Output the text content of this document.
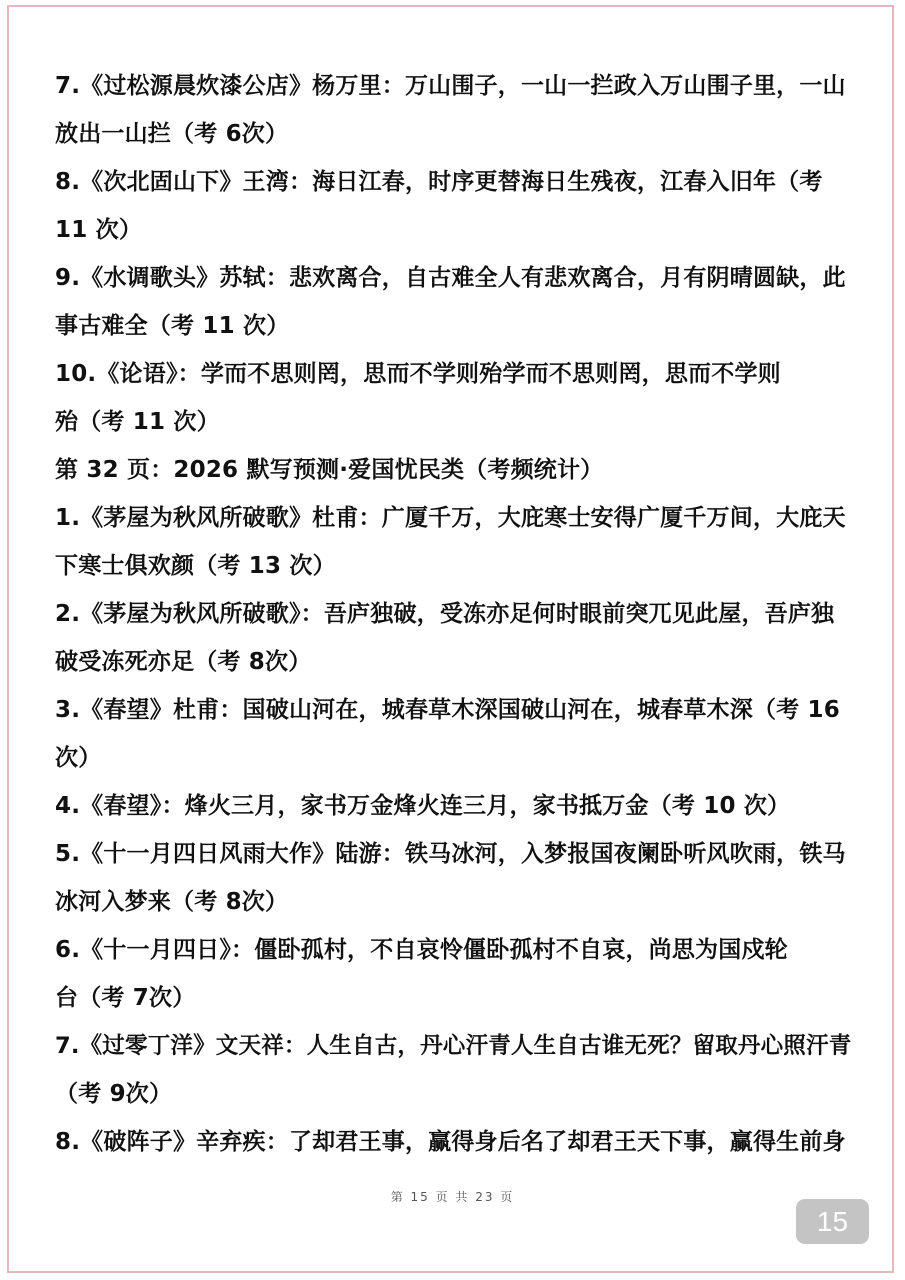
7.《过松源晨炊漆公店》杨万里：万山围子，一山一拦政入万山围子里，一山
放出一山拦（考 6次）
8.《次北固山下》王湾：海日江春，时序更替海日生残夜，江春入旧年（考
11 次）
9.《水调歌头》苏轼：悲欢离合，自古难全人有悲欢离合，月有阴晴圆缺，此
事古难全（考 11 次）
10.《论语》：学而不思则罔，思而不学则殆学而不思则罔，思而不学则
殆（考 11 次）
第 32 页：2026 默写预测·爱国忧民类（考频统计）
1.《茅屋为秋风所破歌》杜甫：广厦千万，大庇寒士安得广厦千万间，大庇天
下寒士俱欢颜（考 13 次）
2.《茅屋为秋风所破歌》：吾庐独破，受冻亦足何时眼前突兀见此屋，吾庐独
破受冻死亦足（考 8次）
3.《春望》杜甫：国破山河在，城春草木深国破山河在，城春草木深（考 16
次）
4.《春望》：烽火三月，家书万金烽火连三月，家书抵万金（考 10 次）
5.《十一月四日风雨大作》陆游：铁马冰河，入梦报国夜阑卧听风吹雨，铁马
冰河入梦来（考 8次）
6.《十一月四日》：僵卧孤村，不自哀怜僵卧孤村不自哀，尚思为国戍轮
台（考 7次）
7.《过零丁洋》文天祥：人生自古，丹心汗青人生自古谁无死？留取丹心照汗青
（考 9次）
8.《破阵子》辛弃疾：了却君王事，赢得身后名了却君王天下事，赢得生前身
第 15 页 共 23 页
15
